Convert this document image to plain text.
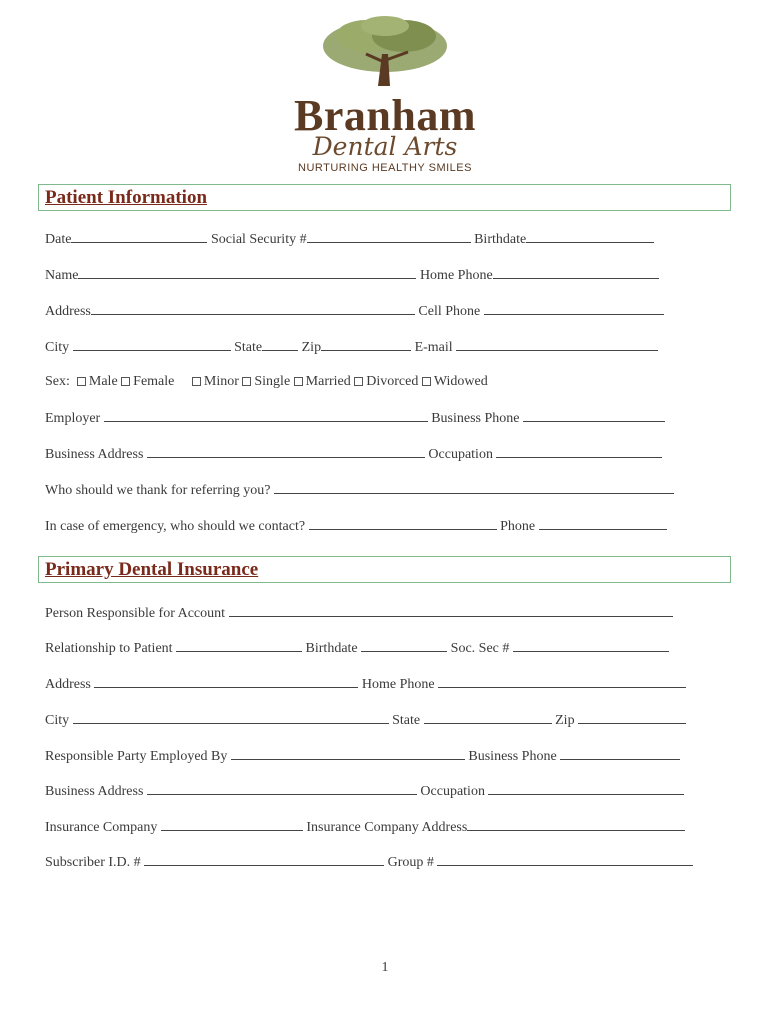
Branham
Dental Arts
NURTURING HEALTHY SMILES
Patient Information
Date	Social Security #	Birthdate
Name	Home Phone
Address	Cell Phone
City	State	Zip	E-mail
Sex: Male Female Minor Single Married Divorced Widowed
Employer	Business Phone
Business Address	Occupation
Who should we thank for referring you?
In case of emergency, who should we contact?	Phone
Primary Dental Insurance
Person Responsible for Account
Relationship to Patient	Birthdate	Soc. Sec #
Address	Home Phone
City	State	Zip
Responsible Party Employed By	Business Phone
Business Address	Occupation
Insurance Company	Insurance Company Address
Subscriber I.D. #	Group #
1
